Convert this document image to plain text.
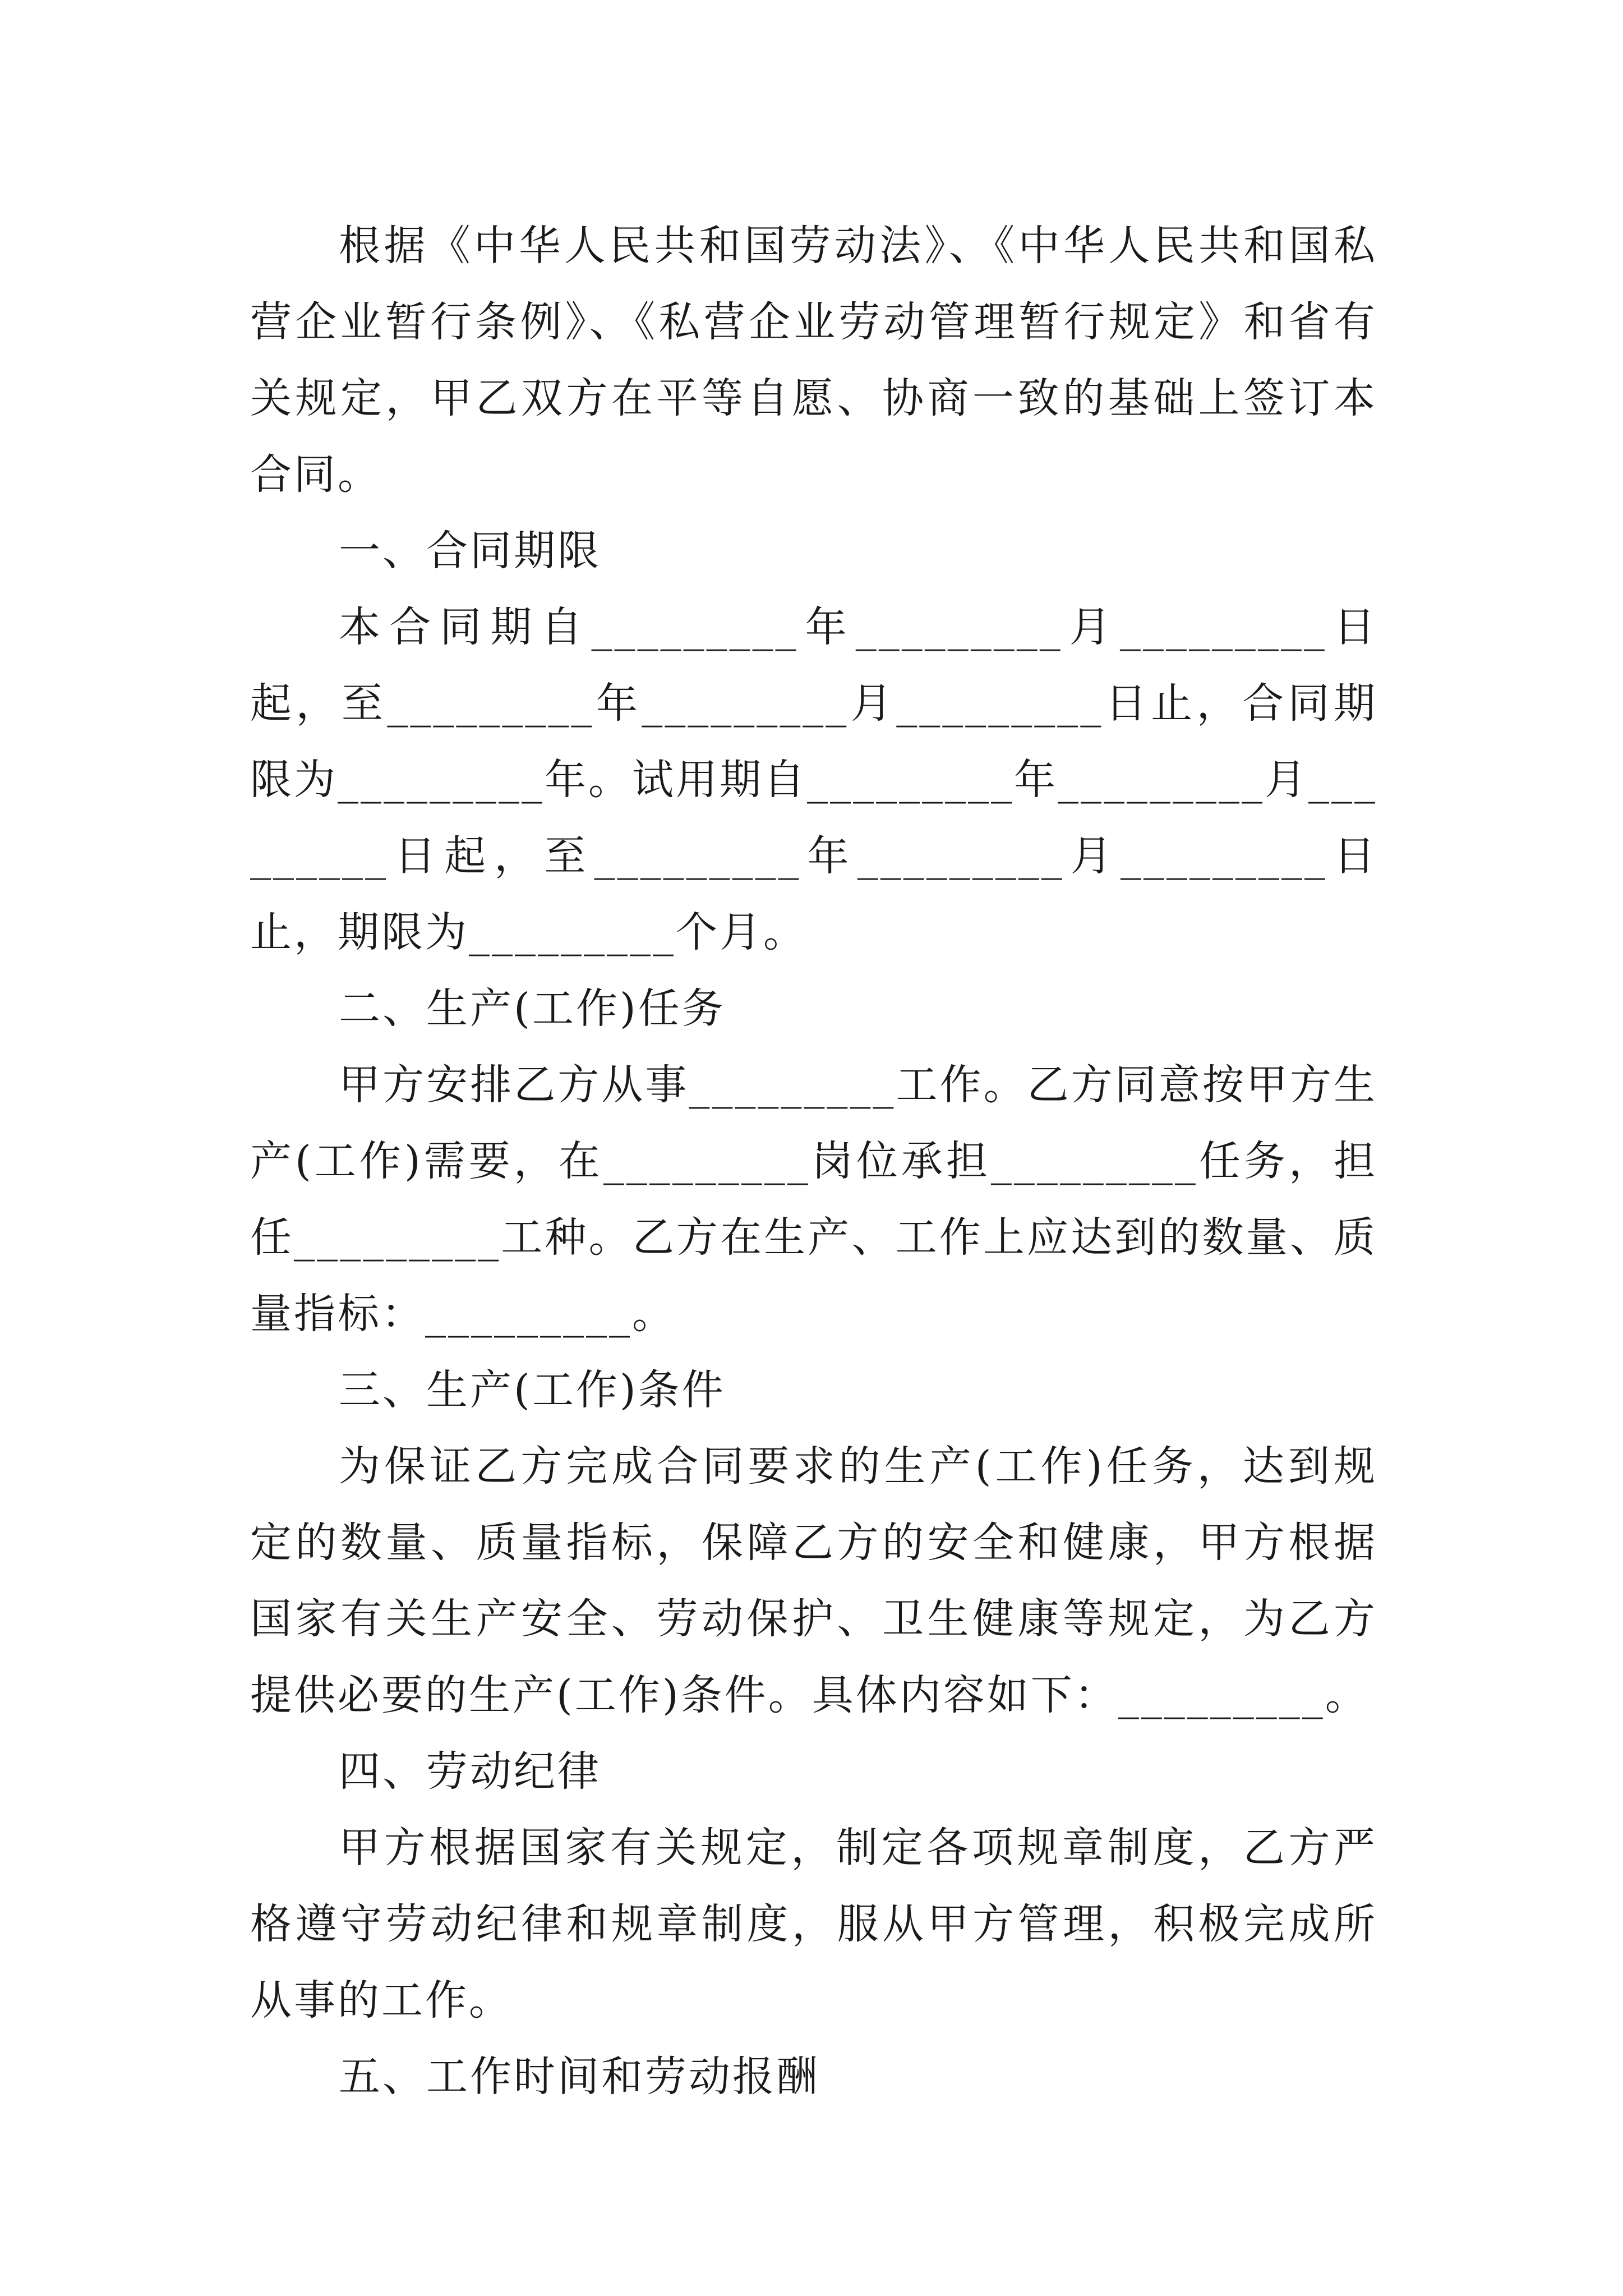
根据《中华人民共和国劳动法》、《中华人民共和国私营企业暂行条例》、《私营企业劳动管理暂行规定》和省有关规定，甲乙双方在平等自愿、协商一致的基础上签订本合同。

一、合同期限

本合同期自_________年_________月_________日起，至_________年_________月_________日止，合同期限为_________年。试用期自_________年_________月_________日起，至_________年_________月_________日止，期限为_________个月。

二、生产(工作)任务

甲方安排乙方从事_________工作。乙方同意按甲方生产(工作)需要，在_________岗位承担_________任务，担任_________工种。乙方在生产、工作上应达到的数量、质量指标：_________。

三、生产(工作)条件

为保证乙方完成合同要求的生产(工作)任务，达到规定的数量、质量指标，保障乙方的安全和健康，甲方根据国家有关生产安全、劳动保护、卫生健康等规定，为乙方提供必要的生产(工作)条件。具体内容如下：_________。

四、劳动纪律

甲方根据国家有关规定，制定各项规章制度，乙方严格遵守劳动纪律和规章制度，服从甲方管理，积极完成所从事的工作。

五、工作时间和劳动报酬
